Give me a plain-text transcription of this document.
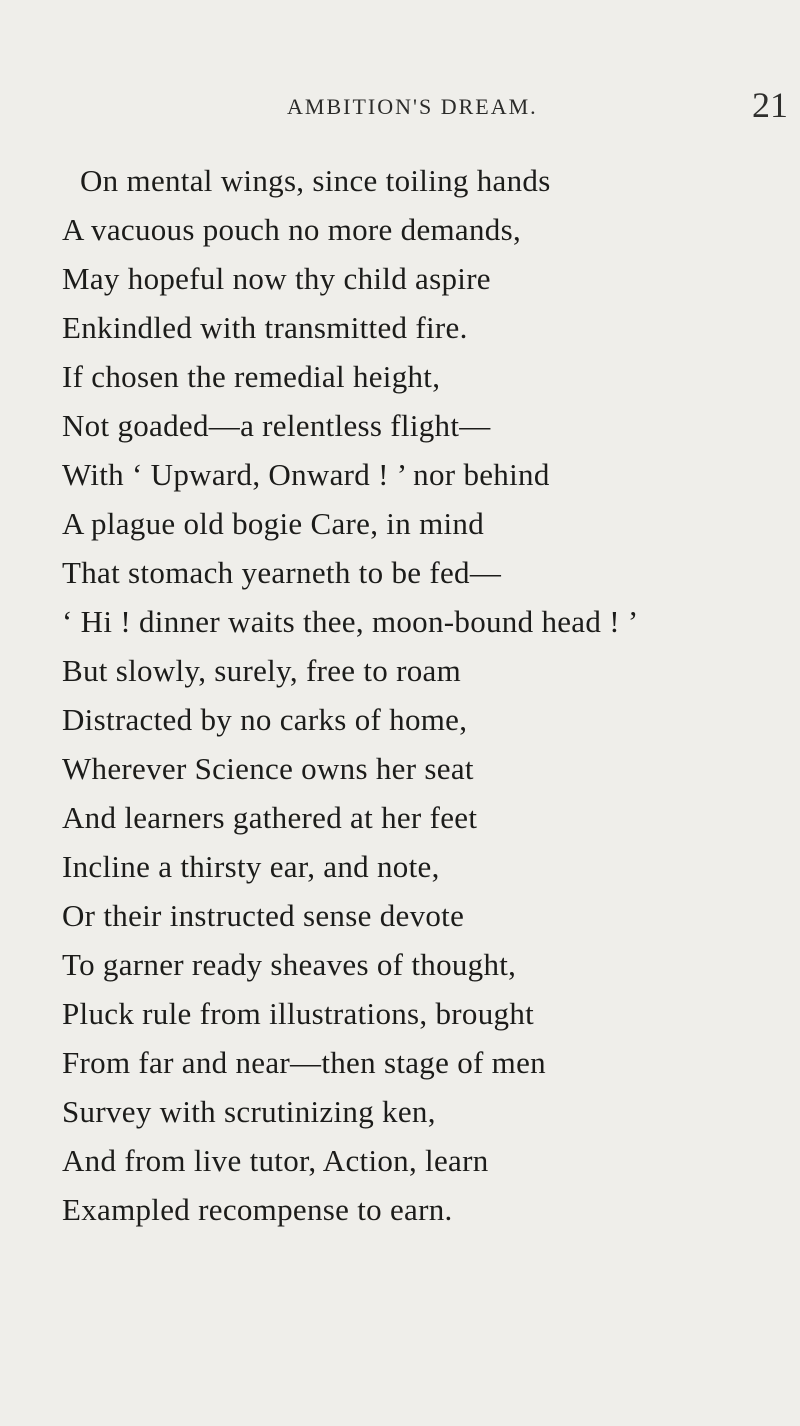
AMBITION'S DREAM.	21
On mental wings, since toiling hands
A vacuous pouch no more demands,
May hopeful now thy child aspire
Enkindled with transmitted fire.
If chosen the remedial height,
Not goaded—a relentless flight—
With ‘ Upward, Onward ! ’ nor behind
A plague old bogie Care, in mind
That stomach yearneth to be fed—
‘ Hi ! dinner waits thee, moon-bound head ! ’
But slowly, surely, free to roam
Distracted by no carks of home,
Wherever Science owns her seat
And learners gathered at her feet
Incline a thirsty ear, and note,
Or their instructed sense devote
To garner ready sheaves of thought,
Pluck rule from illustrations, brought
From far and near—then stage of men
Survey with scrutinizing ken,
And from live tutor, Action, learn
Exampled recompense to earn.
